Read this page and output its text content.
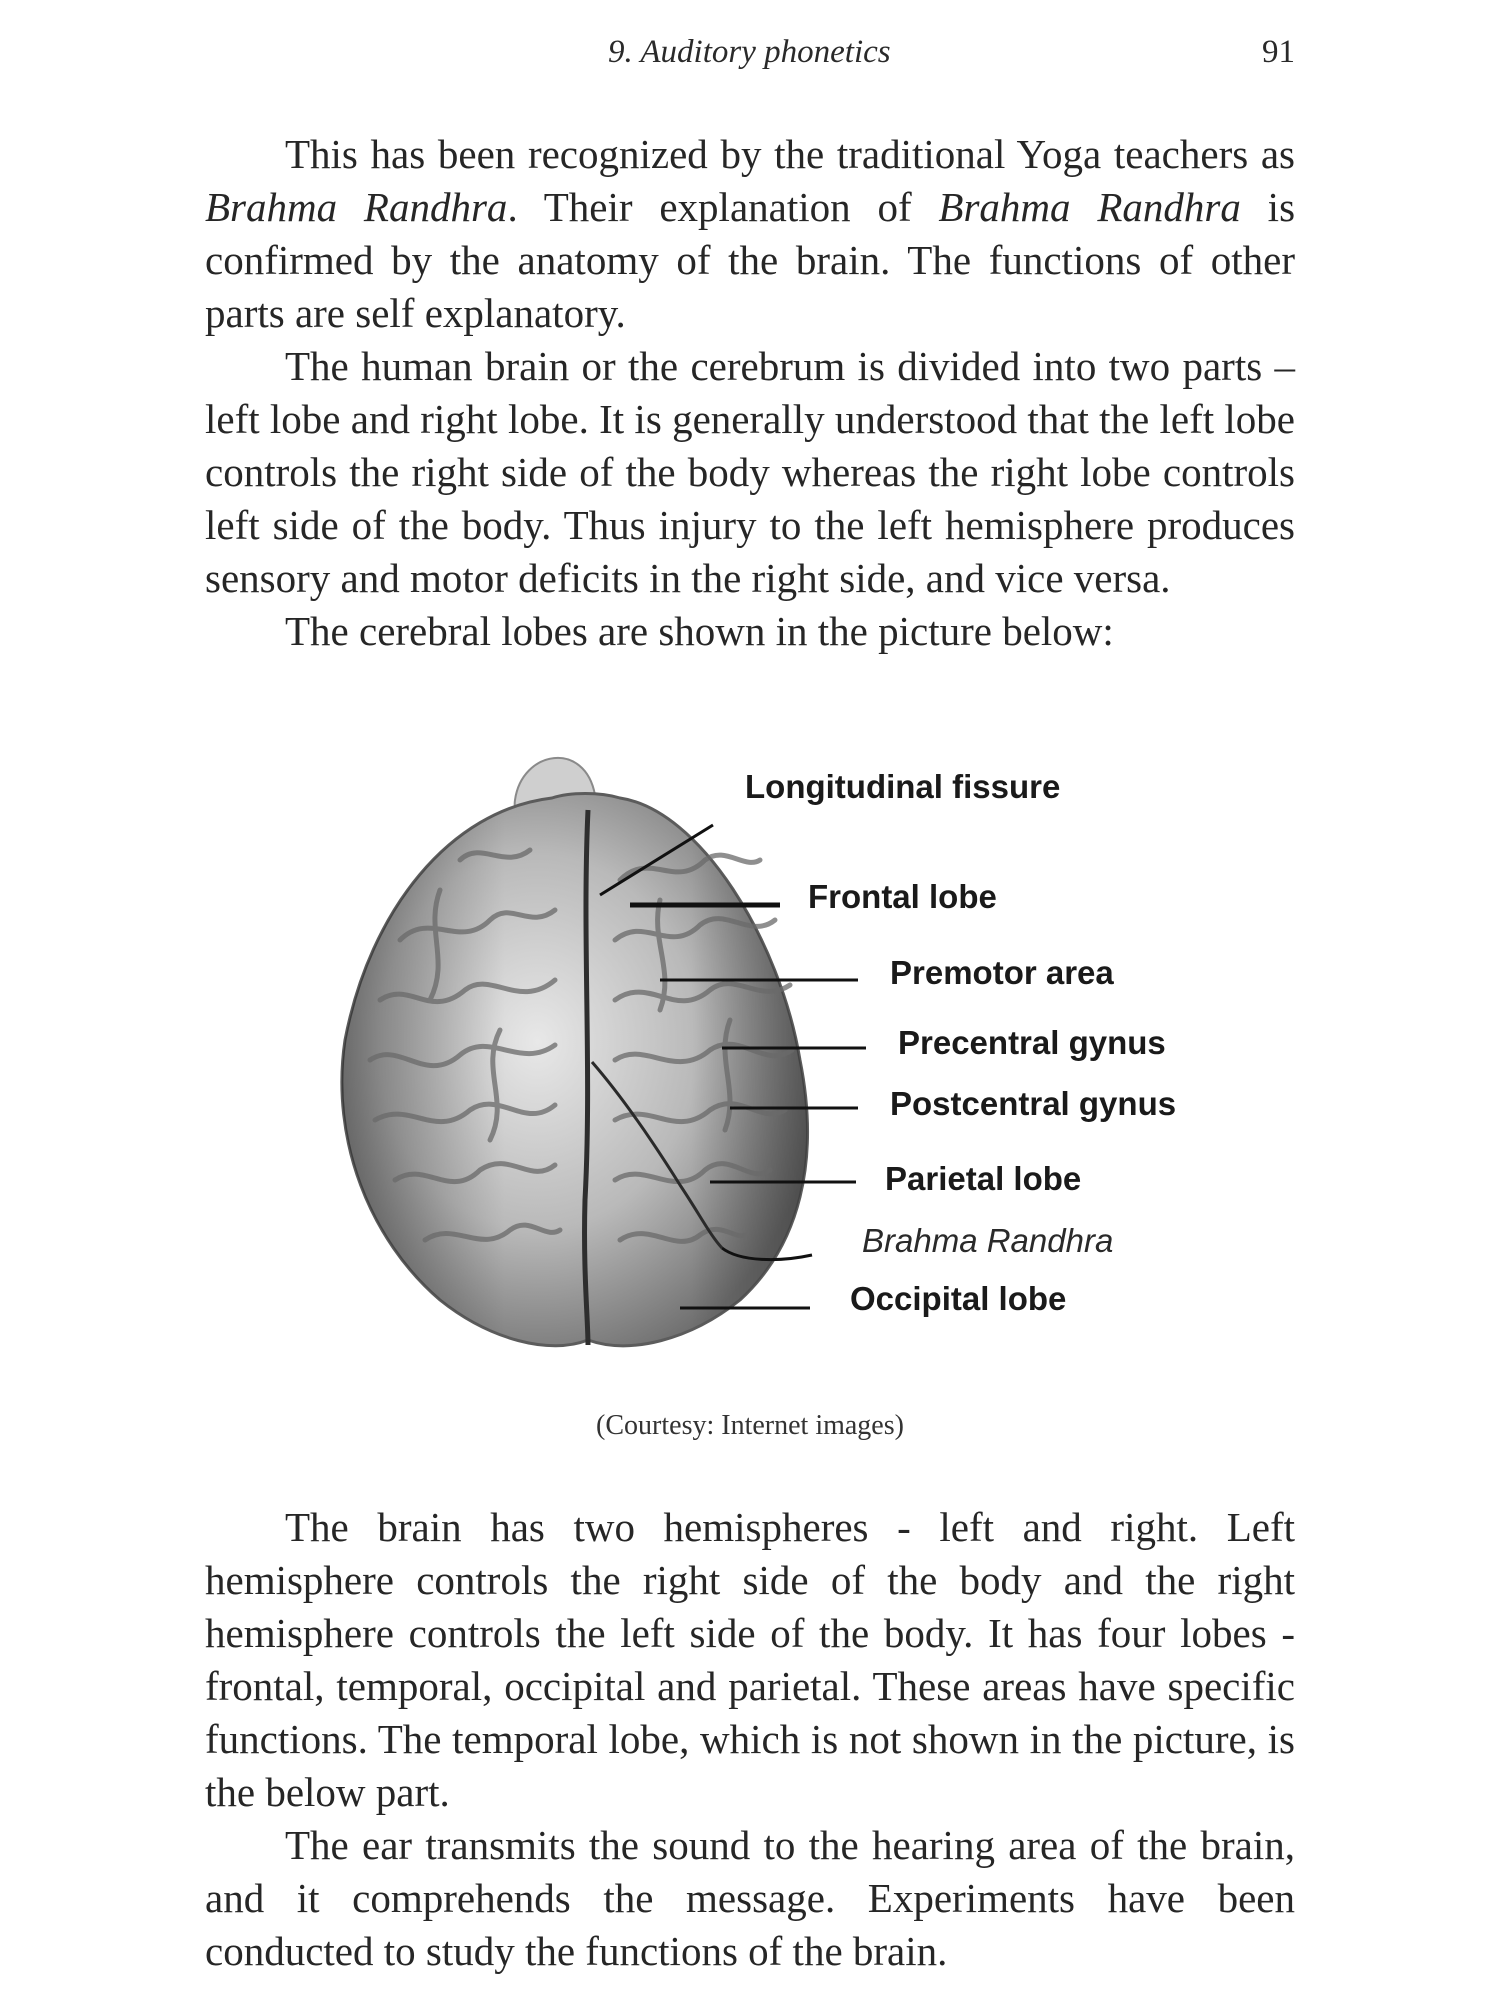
9. Auditory phonetics	91

This has been recognized by the traditional Yoga teachers as Brahma Randhra. Their explanation of Brahma Randhra is confirmed by the anatomy of the brain. The functions of other parts are self explanatory.

The human brain or the cerebrum is divided into two parts – left lobe and right lobe. It is generally understood that the left lobe controls the right side of the body whereas the right lobe controls left side of the body. Thus injury to the left hemisphere produces sensory and motor deficits in the right side, and vice versa.

The cerebral lobes are shown in the picture below:

Longitudinal fissure
Frontal lobe
Premotor area
Precentral gynus
Postcentral gynus
Parietal lobe
Brahma Randhra
Occipital lobe
(Courtesy: Internet images)

The brain has two hemispheres - left and right. Left hemisphere controls the right side of the body and the right hemisphere controls the left side of the body. It has four lobes - frontal, temporal, occipital and parietal. These areas have specific functions. The temporal lobe, which is not shown in the picture, is the below part.

The ear transmits the sound to the hearing area of the brain, and it comprehends the message. Experiments have been conducted to study the functions of the brain.
